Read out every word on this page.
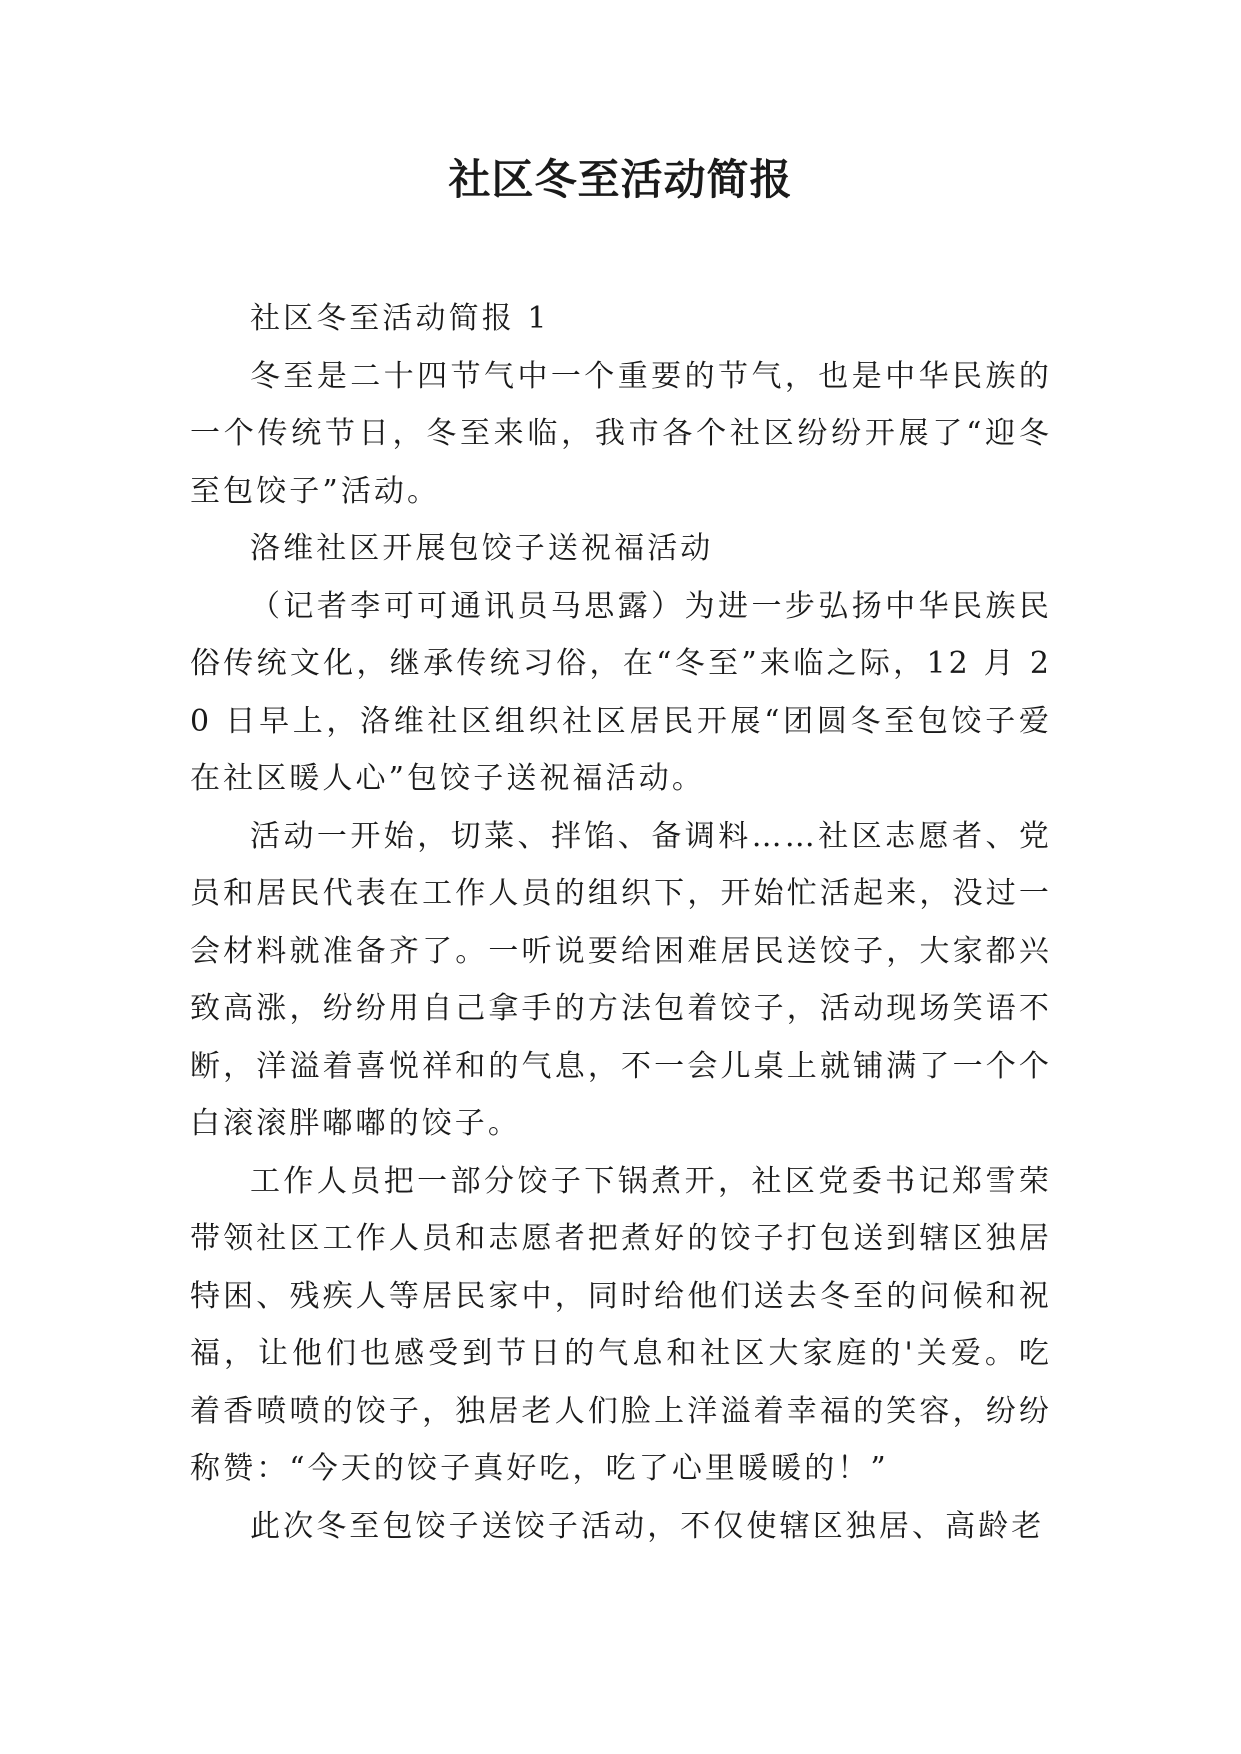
社区冬至活动简报

社区冬至活动简报 1

冬至是二十四节气中一个重要的节气，也是中华民族的一个传统节日，冬至来临，我市各个社区纷纷开展了“迎冬至包饺子”活动。

洛维社区开展包饺子送祝福活动

（记者李可可通讯员马思露）为进一步弘扬中华民族民俗传统文化，继承传统习俗，在“冬至”来临之际，12 月 20 日早上，洛维社区组织社区居民开展“团圆冬至包饺子爱在社区暖人心”包饺子送祝福活动。

活动一开始，切菜、拌馅、备调料……社区志愿者、党员和居民代表在工作人员的组织下，开始忙活起来，没过一会材料就准备齐了。一听说要给困难居民送饺子，大家都兴致高涨，纷纷用自己拿手的方法包着饺子，活动现场笑语不断，洋溢着喜悦祥和的气息，不一会儿桌上就铺满了一个个白滚滚胖嘟嘟的饺子。

工作人员把一部分饺子下锅煮开，社区党委书记郑雪荣带领社区工作人员和志愿者把煮好的饺子打包送到辖区独居特困、残疾人等居民家中，同时给他们送去冬至的问候和祝福，让他们也感受到节日的气息和社区大家庭的'关爱。吃着香喷喷的饺子，独居老人们脸上洋溢着幸福的笑容，纷纷称赞：“今天的饺子真好吃，吃了心里暖暖的！”

此次冬至包饺子送饺子活动，不仅使辖区独居、高龄老
